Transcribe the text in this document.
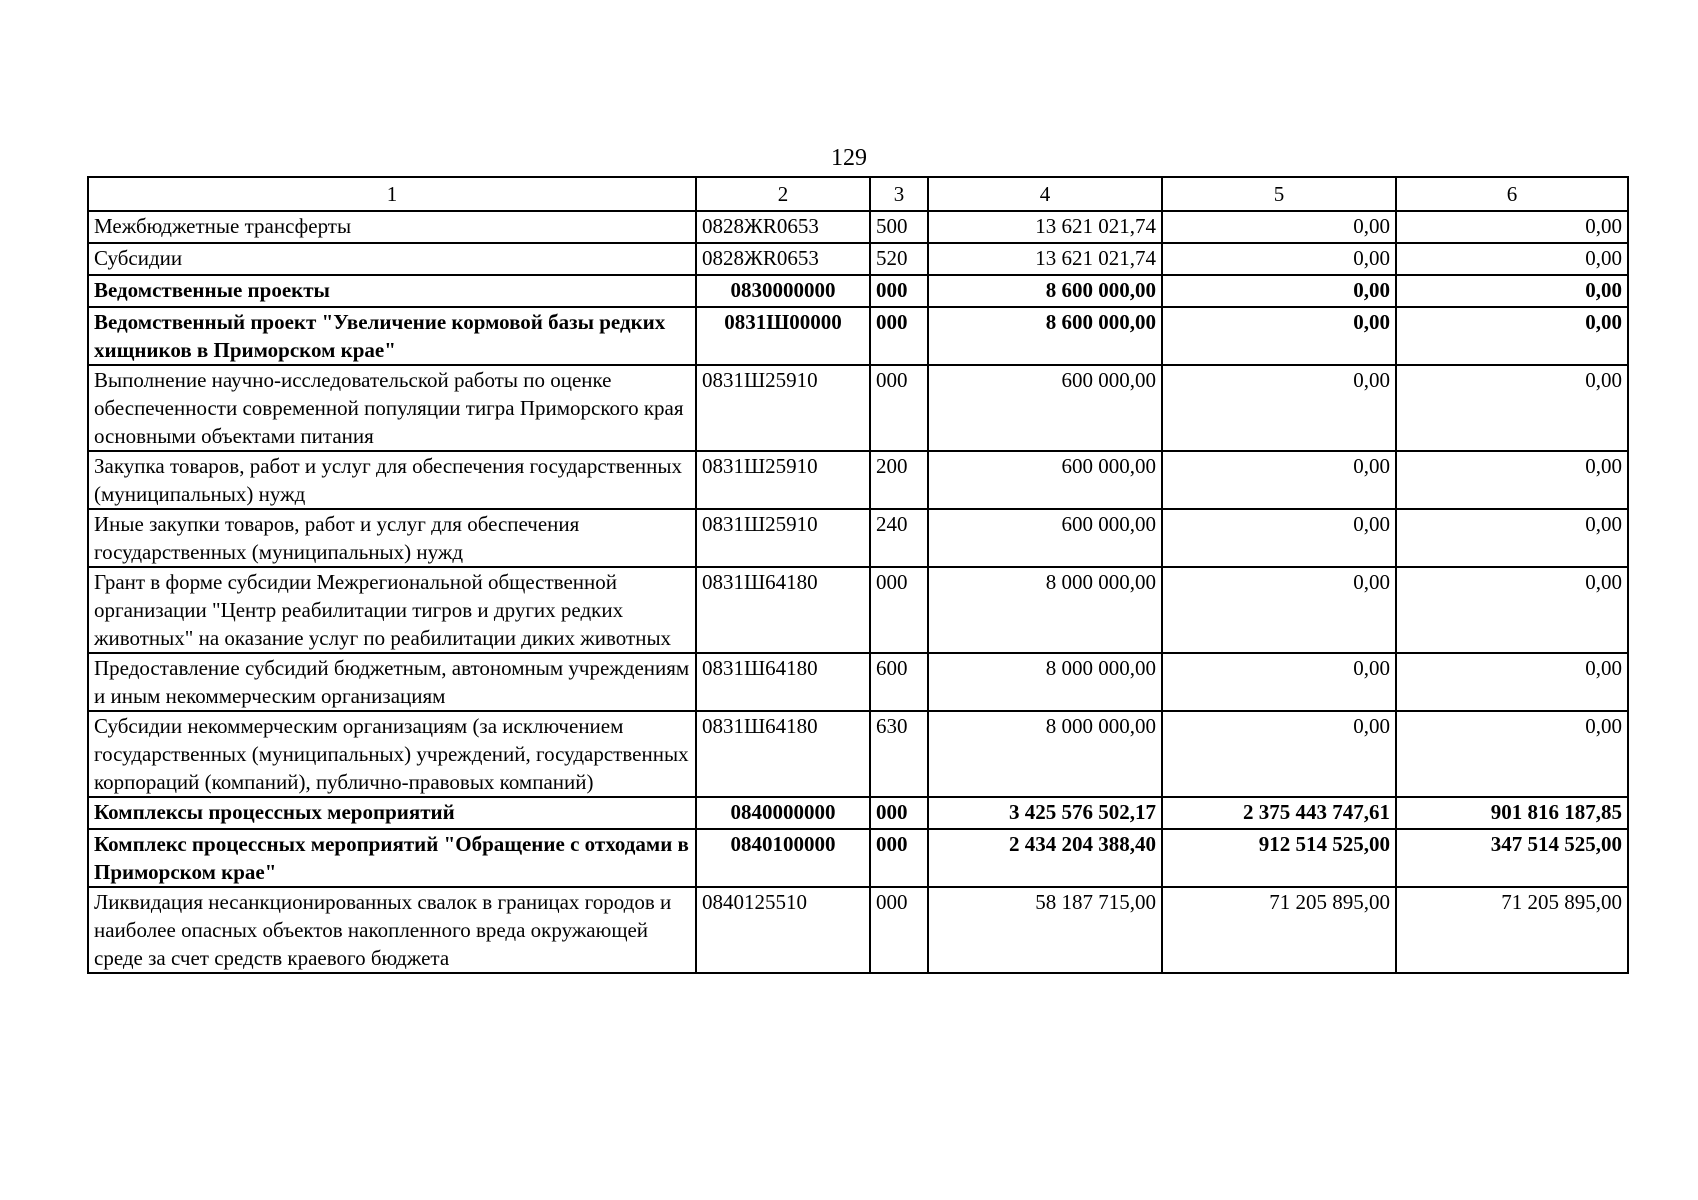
129
1	2	3	4	5	6
Межбюджетные трансферты	0828ЖR0653	500	13 621 021,74	0,00	0,00
Субсидии	0828ЖR0653	520	13 621 021,74	0,00	0,00
Ведомственные проекты	0830000000	000	8 600 000,00	0,00	0,00
Ведомственный проект "Увеличение кормовой базы редких хищников в Приморском крае"	0831Ш00000	000	8 600 000,00	0,00	0,00
Выполнение научно-исследовательской работы по оценке обеспеченности современной популяции тигра Приморского края основными объектами питания	0831Ш25910	000	600 000,00	0,00	0,00
Закупка товаров, работ и услуг для обеспечения государственных (муниципальных) нужд	0831Ш25910	200	600 000,00	0,00	0,00
Иные закупки товаров, работ и услуг для обеспечения государственных (муниципальных) нужд	0831Ш25910	240	600 000,00	0,00	0,00
Грант в форме субсидии Межрегиональной общественной организации "Центр реабилитации тигров и других редких животных" на оказание услуг по реабилитации диких животных	0831Ш64180	000	8 000 000,00	0,00	0,00
Предоставление субсидий бюджетным, автономным учреждениям и иным некоммерческим организациям	0831Ш64180	600	8 000 000,00	0,00	0,00
Субсидии некоммерческим организациям (за исключением государственных (муниципальных) учреждений, государственных корпораций (компаний), публично-правовых компаний)	0831Ш64180	630	8 000 000,00	0,00	0,00
Комплексы процессных мероприятий	0840000000	000	3 425 576 502,17	2 375 443 747,61	901 816 187,85
Комплекс процессных мероприятий "Обращение с отходами в Приморском крае"	0840100000	000	2 434 204 388,40	912 514 525,00	347 514 525,00
Ликвидация несанкционированных свалок в границах городов и наиболее опасных объектов накопленного вреда окружающей среде за счет средств краевого бюджета	0840125510	000	58 187 715,00	71 205 895,00	71 205 895,00
